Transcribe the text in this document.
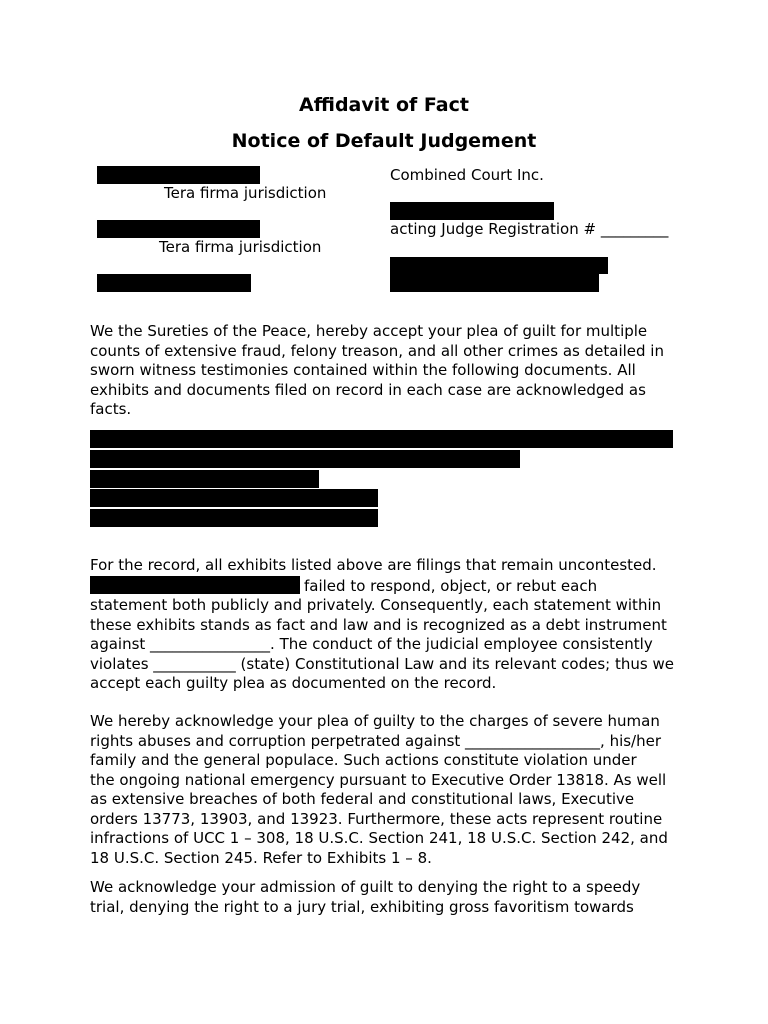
Affidavit of Fact
Notice of Default Judgement
Tera firma jurisdiction
Tera firma jurisdiction
Combined Court Inc.
acting Judge Registration # _________

We the Sureties of the Peace, hereby accept your plea of guilt for multiple

counts of extensive fraud, felony treason, and all other crimes as detailed in

sworn witness testimonies contained within the following documents. All

exhibits and documents filed on record in each case are acknowledged as

facts.

For the record, all exhibits listed above are filings that remain uncontested.

failed to respond, object, or rebut each

statement both publicly and privately. Consequently, each statement within

these exhibits stands as fact and law and is recognized as a debt instrument

against ________________. The conduct of the judicial employee consistently

violates ___________ (state) Constitutional Law and its relevant codes; thus we

accept each guilty plea as documented on the record.

We hereby acknowledge your plea of guilty to the charges of severe human

rights abuses and corruption perpetrated against __________________, his/her

family and the general populace. Such actions constitute violation under

the ongoing national emergency pursuant to Executive Order 13818. As well

as extensive breaches of both federal and constitutional laws, Executive

orders 13773, 13903, and 13923. Furthermore, these acts represent routine

infractions of UCC 1 – 308, 18 U.S.C. Section 241, 18 U.S.C. Section 242, and

18 U.S.C. Section 245. Refer to Exhibits 1 – 8.

We acknowledge your admission of guilt to denying the right to a speedy

trial, denying the right to a jury trial, exhibiting gross favoritism towards
